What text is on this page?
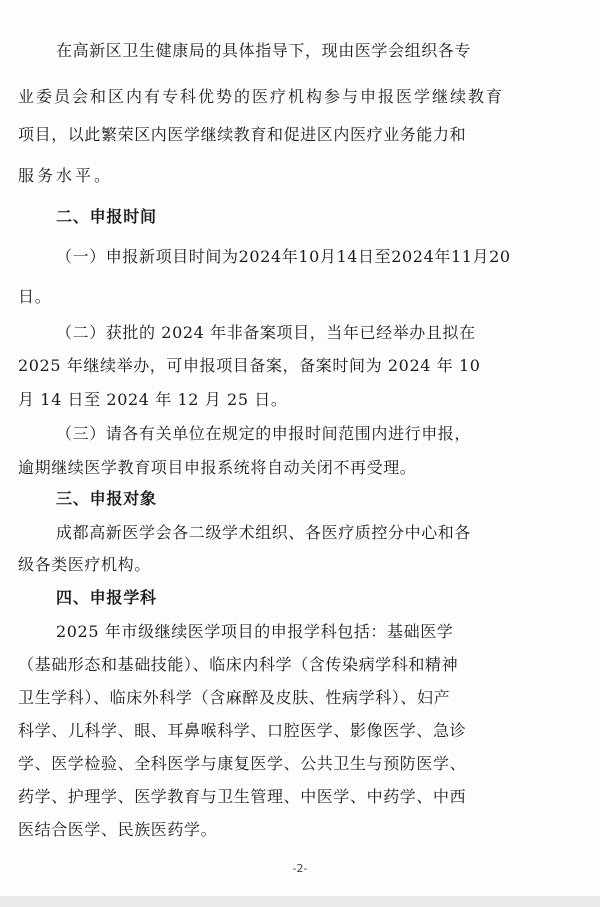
在高新区卫生健康局的具体指导下，现由医学会组织各专
业委员会和区内有专科优势的医疗机构参与申报医学继续教育
项目，以此繁荣区内医学继续教育和促进区内医疗业务能力和
服务水平。
二、申报时间
（一）申报新项目时间为2024年10月14日至2024年11月20
日。
（二）获批的 2024 年非备案项目，当年已经举办且拟在
2025 年继续举办，可申报项目备案，备案时间为 2024 年 10
月 14 日至 2024 年 12 月 25 日。
（三）请各有关单位在规定的申报时间范围内进行申报，
逾期继续医学教育项目申报系统将自动关闭不再受理。
三、申报对象
成都高新医学会各二级学术组织、各医疗质控分中心和各
级各类医疗机构。
四、申报学科
2025 年市级继续医学项目的申报学科包括：基础医学
（基础形态和基础技能）、临床内科学（含传染病学科和精神
卫生学科）、临床外科学（含麻醉及皮肤、性病学科）、妇产
科学、儿科学、眼、耳鼻喉科学、口腔医学、影像医学、急诊
学、医学检验、全科医学与康复医学、公共卫生与预防医学、
药学、护理学、医学教育与卫生管理、中医学、中药学、中西
医结合医学、民族医药学。
-2-
